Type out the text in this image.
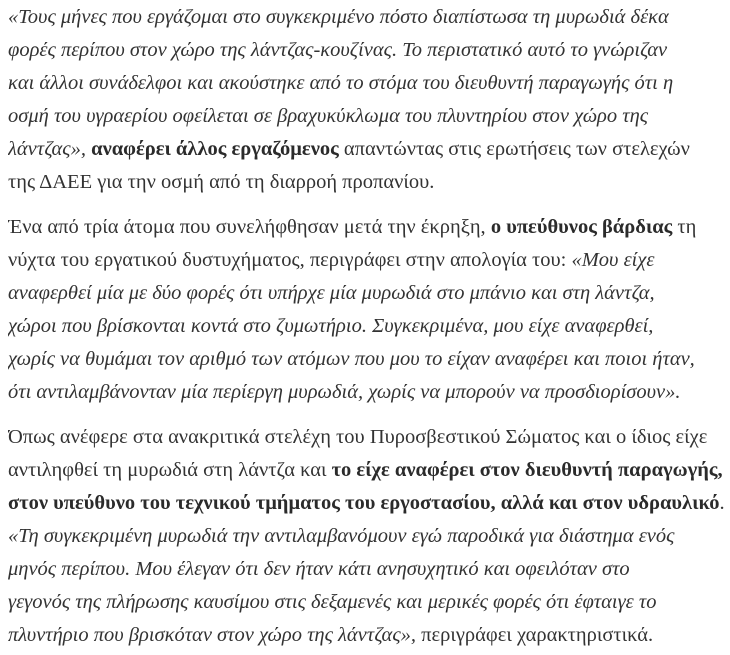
«Τους μήνες που εργάζομαι στο συγκεκριμένο πόστο διαπίστωσα τη μυρωδιά δέκα
φορές περίπου στον χώρο της λάντζας-κουζίνας. Το περιστατικό αυτό το γνώριζαν
και άλλοι συνάδελφοι και ακούστηκε από το στόμα του διευθυντή παραγωγής ότι η
οσμή του υγραερίου οφείλεται σε βραχυκύκλωμα του πλυντηρίου στον χώρο της
λάντζας», αναφέρει άλλος εργαζόμενος απαντώντας στις ερωτήσεις των στελεχών
της ΔΑΕΕ για την οσμή από τη διαρροή προπανίου.

Ένα από τρία άτομα που συνελήφθησαν μετά την έκρηξη, ο υπεύθυνος βάρδιας τη
νύχτα του εργατικού δυστυχήματος, περιγράφει στην απολογία του: «Μου είχε
αναφερθεί μία με δύο φορές ότι υπήρχε μία μυρωδιά στο μπάνιο και στη λάντζα,
χώροι που βρίσκονται κοντά στο ζυμωτήριο. Συγκεκριμένα, μου είχε αναφερθεί,
χωρίς να θυμάμαι τον αριθμό των ατόμων που μου το είχαν αναφέρει και ποιοι ήταν,
ότι αντιλαμβάνονταν μία περίεργη μυρωδιά, χωρίς να μπορούν να προσδιορίσουν».

Όπως ανέφερε στα ανακριτικά στελέχη του Πυροσβεστικού Σώματος και ο ίδιος είχε
αντιληφθεί τη μυρωδιά στη λάντζα και το είχε αναφέρει στον διευθυντή παραγωγής,
στον υπεύθυνο του τεχνικού τμήματος του εργοστασίου, αλλά και στον υδραυλικό.
«Τη συγκεκριμένη μυρωδιά την αντιλαμβανόμουν εγώ παροδικά για διάστημα ενός
μηνός περίπου. Μου έλεγαν ότι δεν ήταν κάτι ανησυχητικό και οφειλόταν στο
γεγονός της πλήρωσης καυσίμου στις δεξαμενές και μερικές φορές ότι έφταιγε το
πλυντήριο που βρισκόταν στον χώρο της λάντζας», περιγράφει χαρακτηριστικά.
